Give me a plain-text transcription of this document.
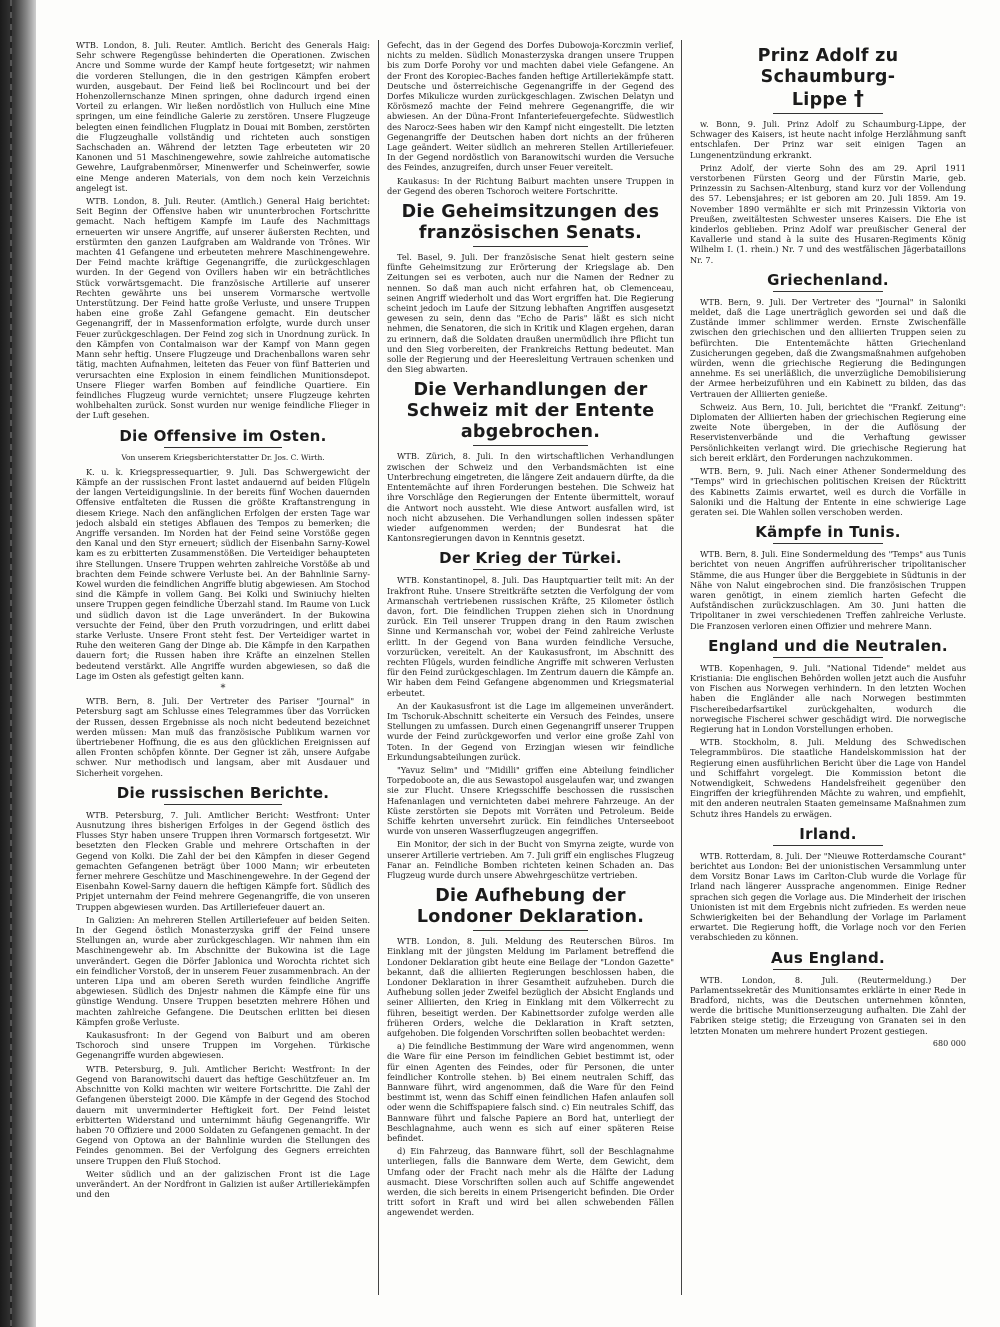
WTB. London, 8. Juli. Reuter. Amtlich. Bericht des Generals Haig: Sehr schwere Regengüsse behinderten die Operationen. Zwischen Ancre und Somme wurde der Kampf heute fortgesetzt; wir nahmen die vorderen Stellungen, die in den gestrigen Kämpfen erobert wurden, ausgebaut. Der Feind ließ bei Roclincourt und bei der Hohenzollernschanze Minen springen, ohne dadurch irgend einen Vorteil zu erlangen. Wir ließen nordöstlich von Hulluch eine Mine springen, um eine feindliche Galerie zu zerstören. Unsere Flugzeuge belegten einen feindlichen Flugplatz in Douai mit Bomben, zerstörten die Flugzeughalle vollständig und richteten auch sonstigen Sachschaden an. Während der letzten Tage erbeuteten wir 20 Kanonen und 51 Maschinengewehre, sowie zahlreiche automatische Gewehre, Laufgrabenmörser, Minenwerfer und Scheinwerfer, sowie eine Menge anderen Materials, von dem noch kein Verzeichnis angelegt ist.

WTB. London, 8. Juli. Reuter. (Amtlich.) General Haig berichtet: Seit Beginn der Offensive haben wir ununterbrochen Fortschritte gemacht. Nach heftigem Kampfe im Laufe des Nachmittags erneuerten wir unsere Angriffe, auf unserer äußersten Rechten, und erstürmten den ganzen Laufgraben am Waldrande von Trônes. Wir machten 41 Gefangene und erbeuteten mehrere Maschinengewehre. Der Feind machte kräftige Gegenangriffe, die zurückgeschlagen wurden. In der Gegend von Ovillers haben wir ein beträchtliches Stück vorwärtsgemacht. Die französische Artillerie auf unserer Rechten gewährte uns bei unserem Vormarsche wertvolle Unterstützung. Der Feind hatte große Verluste, und unsere Truppen haben eine große Zahl Gefangene gemacht. Ein deutscher Gegenangriff, der in Massenformation erfolgte, wurde durch unser Feuer zurückgeschlagen. Der Feind zog sich in Unordnung zurück. In den Kämpfen von Contalmaison war der Kampf von Mann gegen Mann sehr heftig. Unsere Flugzeuge und Drachenballons waren sehr tätig, machten Aufnahmen, leiteten das Feuer von fünf Batterien und verursachten eine Explosion in einem feindlichen Munitionsdepot. Unsere Flieger warfen Bomben auf feindliche Quartiere. Ein feindliches Flugzeug wurde vernichtet; unsere Flugzeuge kehrten wohlbehalten zurück. Sonst wurden nur wenige feindliche Flieger in der Luft gesehen.

Die Offensive im Osten.
Von unserem Kriegsberichterstatter Dr. Jos. C. Wirth.

K. u. k. Kriegspressequartier, 9. Juli. Das Schwergewicht der Kämpfe an der russischen Front lastet andauernd auf beiden Flügeln der langen Verteidigungslinie. In der bereits fünf Wochen dauernden Offensive entfalteten die Russen die größte Kraftanstrengung in diesem Kriege. Nach den anfänglichen Erfolgen der ersten Tage war jedoch alsbald ein stetiges Abflauen des Tempos zu bemerken; die Angriffe versanden. Im Norden hat der Feind seine Vorstöße gegen den Kanal und den Styr erneuert; südlich der Eisenbahn Sarny-Kowel kam es zu erbitterten Zusammenstößen. Die Verteidiger behaupteten ihre Stellungen. Unsere Truppen wehrten zahlreiche Vorstöße ab und brachten dem Feinde schwere Verluste bei. An der Bahnlinie Sarny-Kowel wurden die feindlichen Angriffe blutig abgewiesen. Am Stochod sind die Kämpfe in vollem Gang. Bei Kolki und Swiniuchy hielten unsere Truppen gegen feindliche Überzahl stand. Im Raume von Luck und südlich davon ist die Lage unverändert. In der Bukowina versuchte der Feind, über den Pruth vorzudringen, und erlitt dabei starke Verluste. Unsere Front steht fest. Der Verteidiger wartet in Ruhe den weiteren Gang der Dinge ab. Die Kämpfe in den Karpathen dauern fort; die Russen haben ihre Kräfte an einzelnen Stellen bedeutend verstärkt. Alle Angriffe wurden abgewiesen, so daß die Lage im Osten als gefestigt gelten kann.

*

WTB. Bern, 8. Juli. Der Vertreter des Pariser "Journal" in Petersburg sagt am Schlusse eines Telegrammes über das Vorrücken der Russen, dessen Ergebnisse als noch nicht bedeutend bezeichnet werden müssen: Man muß das französische Publikum warnen vor übertriebener Hoffnung, die es aus den glücklichen Ereignissen auf allen Fronten schöpfen könnte. Der Gegner ist zäh, unsere Aufgabe schwer. Nur methodisch und langsam, aber mit Ausdauer und Sicherheit vorgehen.

Die russischen Berichte.

WTB. Petersburg, 7. Juli. Amtlicher Bericht: Westfront: Unter Ausnutzung ihres bisherigen Erfolges in der Gegend östlich des Flusses Styr haben unsere Truppen ihren Vormarsch fortgesetzt. Wir besetzten den Flecken Grable und mehrere Ortschaften in der Gegend von Kolki. Die Zahl der bei den Kämpfen in dieser Gegend gemachten Gefangenen beträgt über 1000 Mann; wir erbeuteten ferner mehrere Geschütze und Maschinengewehre. In der Gegend der Eisenbahn Kowel-Sarny dauern die heftigen Kämpfe fort. Südlich des Pripjet unternahm der Feind mehrere Gegenangriffe, die von unseren Truppen abgewiesen wurden. Das Artilleriefeuer dauert an.

In Galizien: An mehreren Stellen Artilleriefeuer auf beiden Seiten. In der Gegend östlich Monasterzyska griff der Feind unsere Stellungen an, wurde aber zurückgeschlagen. Wir nahmen ihm ein Maschinengewehr ab. Im Abschnitte der Bukowina ist die Lage unverändert. Gegen die Dörfer Jablonica und Worochta richtet sich ein feindlicher Vorstoß, der in unserem Feuer zusammenbrach. An der unteren Lipa und am oberen Sereth wurden feindliche Angriffe abgewiesen. Südlich des Dnjestr nahmen die Kämpfe eine für uns günstige Wendung. Unsere Truppen besetzten mehrere Höhen und machten zahlreiche Gefangene. Die Deutschen erlitten bei diesen Kämpfen große Verluste.

Kaukasusfront: In der Gegend von Baiburt und am oberen Tschoroch sind unsere Truppen im Vorgehen. Türkische Gegenangriffe wurden abgewiesen.

WTB. Petersburg, 9. Juli. Amtlicher Bericht: Westfront: In der Gegend von Baranowitschi dauert das heftige Geschützfeuer an. Im Abschnitte von Kolki machten wir weitere Fortschritte. Die Zahl der Gefangenen übersteigt 2000. Die Kämpfe in der Gegend des Stochod dauern mit unverminderter Heftigkeit fort. Der Feind leistet erbitterten Widerstand und unternimmt häufig Gegenangriffe. Wir haben 70 Offiziere und 2000 Soldaten zu Gefangenen gemacht. In der Gegend von Optowa an der Bahnlinie wurden die Stellungen des Feindes genommen. Bei der Verfolgung des Gegners erreichten unsere Truppen den Fluß Stochod.

Weiter südlich und an der galizischen Front ist die Lage unverändert. An der Nordfront in Galizien ist außer Artilleriekämpfen und den

Gefecht, das in der Gegend des Dorfes Dubowoja-Korczmin verlief, nichts zu melden. Südlich Monasterzyska drangen unsere Truppen bis zum Dorfe Porohy vor und machten dabei viele Gefangene. An der Front des Koropiec-Baches fanden heftige Artilleriekämpfe statt. Deutsche und österreichische Gegenangriffe in der Gegend des Dorfes Mikulicze wurden zurückgeschlagen. Zwischen Delatyn und Körösmező machte der Feind mehrere Gegenangriffe, die wir abwiesen. An der Düna-Front Infanteriefeuergefechte. Südwestlich des Narocz-Sees haben wir den Kampf nicht eingestellt. Die letzten Gegenangriffe der Deutschen haben dort nichts an der früheren Lage geändert. Weiter südlich an mehreren Stellen Artilleriefeuer. In der Gegend nordöstlich von Baranowitschi wurden die Versuche des Feindes, anzugreifen, durch unser Feuer vereitelt.

Kaukasus: In der Richtung Baiburt machten unsere Truppen in der Gegend des oberen Tschoroch weitere Fortschritte.

Die Geheimsitzungen des französischen Senats.

Tel. Basel, 9. Juli. Der französische Senat hielt gestern seine fünfte Geheimsitzung zur Erörterung der Kriegslage ab. Den Zeitungen sei es verboten, auch nur die Namen der Redner zu nennen. So daß man auch nicht erfahren hat, ob Clemenceau, seinen Angriff wiederholt und das Wort ergriffen hat. Die Regierung scheint jedoch im Laufe der Sitzung lebhaften Angriffen ausgesetzt gewesen zu sein, denn das "Echo de Paris" läßt es sich nicht nehmen, die Senatoren, die sich in Kritik und Klagen ergehen, daran zu erinnern, daß die Soldaten draußen unermüdlich ihre Pflicht tun und den Sieg vorbereiten, der Frankreichs Rettung bedeutet. Man solle der Regierung und der Heeresleitung Vertrauen schenken und den Sieg abwarten.

Die Verhandlungen der Schweiz mit der Entente abgebrochen.

WTB. Zürich, 8. Juli. In den wirtschaftlichen Verhandlungen zwischen der Schweiz und den Verbandsmächten ist eine Unterbrechung eingetreten, die längere Zeit andauern dürfte, da die Ententemächte auf ihren Forderungen bestehen. Die Schweiz hat ihre Vorschläge den Regierungen der Entente übermittelt, worauf die Antwort noch aussteht. Wie diese Antwort ausfallen wird, ist noch nicht abzusehen. Die Verhandlungen sollen indessen später wieder aufgenommen werden; der Bundesrat hat die Kantonsregierungen davon in Kenntnis gesetzt.

Der Krieg der Türkei.

WTB. Konstantinopel, 8. Juli. Das Hauptquartier teilt mit: An der Irakfront Ruhe. Unsere Streitkräfte setzten die Verfolgung der vom Armanschah vertriebenen russischen Kräfte, 25 Kilometer östlich davon, fort. Die feindlichen Truppen ziehen sich in Unordnung zurück. Ein Teil unserer Truppen drang in den Raum zwischen Sinne und Kermanschah vor, wobei der Feind zahlreiche Verluste erlitt. In der Gegend von Bana wurden feindliche Versuche, vorzurücken, vereitelt. An der Kaukasusfront, im Abschnitt des rechten Flügels, wurden feindliche Angriffe mit schweren Verlusten für den Feind zurückgeschlagen. Im Zentrum dauern die Kämpfe an. Wir haben dem Feind Gefangene abgenommen und Kriegsmaterial erbeutet.

An der Kaukasusfront ist die Lage im allgemeinen unverändert. Im Tschoruk-Abschnitt scheiterte ein Versuch des Feindes, unsere Stellungen zu umfassen. Durch einen Gegenangriff unserer Truppen wurde der Feind zurückgeworfen und verlor eine große Zahl von Toten. In der Gegend von Erzingjan wiesen wir feindliche Erkundungsabteilungen zurück.

"Yavuz Selim" und "Midilli" griffen eine Abteilung feindlicher Torpedoboote an, die aus Sewastopol ausgelaufen war, und zwangen sie zur Flucht. Unsere Kriegsschiffe beschossen die russischen Hafenanlagen und vernichteten dabei mehrere Fahrzeuge. An der Küste zerstörten sie Depots mit Vorräten und Petroleum. Beide Schiffe kehrten unversehrt zurück. Ein feindliches Unterseeboot wurde von unseren Wasserflugzeugen angegriffen.

Ein Monitor, der sich in der Bucht von Smyrna zeigte, wurde von unserer Artillerie vertrieben. Am 7. Juli griff ein englisches Flugzeug Fanar an. Feindliche Bomben richteten keinen Schaden an. Das Flugzeug wurde durch unsere Abwehrgeschütze vertrieben.

Die Aufhebung der Londoner Deklaration.

WTB. London, 8. Juli. Meldung des Reuterschen Büros. Im Einklang mit der jüngsten Meldung im Parlament betreffend die Londoner Deklaration gibt heute eine Beilage der "London Gazette" bekannt, daß die alliierten Regierungen beschlossen haben, die Londoner Deklaration in ihrer Gesamtheit aufzuheben. Durch die Aufhebung sollen jeder Zweifel bezüglich der Absicht Englands und seiner Alliierten, den Krieg in Einklang mit dem Völkerrecht zu führen, beseitigt werden. Der Kabinettsorder zufolge werden alle früheren Orders, welche die Deklaration in Kraft setzten, aufgehoben. Die folgenden Vorschriften sollen beobachtet werden:

a) Die feindliche Bestimmung der Ware wird angenommen, wenn die Ware für eine Person im feindlichen Gebiet bestimmt ist, oder für einen Agenten des Feindes, oder für Personen, die unter feindlicher Kontrolle stehen. b) Bei einem neutralen Schiff, das Bannware führt, wird angenommen, daß die Ware für den Feind bestimmt ist, wenn das Schiff einen feindlichen Hafen anlaufen soll oder wenn die Schiffspapiere falsch sind. c) Ein neutrales Schiff, das Bannware führt und falsche Papiere an Bord hat, unterliegt der Beschlagnahme, auch wenn es sich auf einer späteren Reise befindet.

d) Ein Fahrzeug, das Bannware führt, soll der Beschlagnahme unterliegen, falls die Bannware dem Werte, dem Gewicht, dem Umfang oder der Fracht nach mehr als die Hälfte der Ladung ausmacht. Diese Vorschriften sollen auch auf Schiffe angewendet werden, die sich bereits in einem Prisengericht befinden. Die Order tritt sofort in Kraft und wird bei allen schwebenden Fällen angewendet werden.

Prinz Adolf zu Schaumburg-
Lippe †

w. Bonn, 9. Juli. Prinz Adolf zu Schaumburg-Lippe, der Schwager des Kaisers, ist heute nacht infolge Herzlähmung sanft entschlafen. Der Prinz war seit einigen Tagen an Lungenentzündung erkrankt.

Prinz Adolf, der vierte Sohn des am 29. April 1911 verstorbenen Fürsten Georg und der Fürstin Marie, geb. Prinzessin zu Sachsen-Altenburg, stand kurz vor der Vollendung des 57. Lebensjahres; er ist geboren am 20. Juli 1859. Am 19. November 1890 vermählte er sich mit Prinzessin Viktoria von Preußen, zweitältesten Schwester unseres Kaisers. Die Ehe ist kinderlos geblieben. Prinz Adolf war preußischer General der Kavallerie und stand à la suite des Husaren-Regiments König Wilhelm I. (1. rhein.) Nr. 7 und des westfälischen Jägerbataillons Nr. 7.

Griechenland.

WTB. Bern, 9. Juli. Der Vertreter des "Journal" in Saloniki meldet, daß die Lage unerträglich geworden sei und daß die Zustände immer schlimmer werden. Ernste Zwischenfälle zwischen den griechischen und den alliierten Truppen seien zu befürchten. Die Ententemächte hätten Griechenland Zusicherungen gegeben, daß die Zwangsmaßnahmen aufgehoben würden, wenn die griechische Regierung die Bedingungen annehme. Es sei unerläßlich, die unverzügliche Demobilisierung der Armee herbeizuführen und ein Kabinett zu bilden, das das Vertrauen der Alliierten genieße.

Schweiz. Aus Bern, 10. Juli, berichtet die "Frankf. Zeitung": Diplomaten der Alliierten haben der griechischen Regierung eine zweite Note übergeben, in der die Auflösung der Reservistenverbände und die Verhaftung gewisser Persönlichkeiten verlangt wird. Die griechische Regierung hat sich bereit erklärt, den Forderungen nachzukommen.

WTB. Bern, 9. Juli. Nach einer Athener Sondermeldung des "Temps" wird in griechischen politischen Kreisen der Rücktritt des Kabinetts Zaimis erwartet, weil es durch die Vorfälle in Saloniki und die Haltung der Entente in eine schwierige Lage geraten sei. Die Wahlen sollen verschoben werden.

Kämpfe in Tunis.

WTB. Bern, 8. Juli. Eine Sondermeldung des "Temps" aus Tunis berichtet von neuen Angriffen aufrührerischer tripolitanischer Stämme, die aus Hunger über die Berggebiete in Südtunis in der Nähe von Nalut eingebrochen sind. Die französischen Truppen waren genötigt, in einem ziemlich harten Gefecht die Aufständischen zurückzuschlagen. Am 30. Juni hatten die Tripolitaner in zwei verschiedenen Treffen zahlreiche Verluste. Die Franzosen verloren einen Offizier und mehrere Mann.

England und die Neutralen.

WTB. Kopenhagen, 9. Juli. "National Tidende" meldet aus Kristiania: Die englischen Behörden wollen jetzt auch die Ausfuhr von Fischen aus Norwegen verhindern. In den letzten Wochen haben die Engländer alle nach Norwegen bestimmten Fischereibedarfsartikel zurückgehalten, wodurch die norwegische Fischerei schwer geschädigt wird. Die norwegische Regierung hat in London Vorstellungen erhoben.

WTB. Stockholm, 8. Juli. Meldung des Schwedischen Telegrammbüros. Die staatliche Handelskommission hat der Regierung einen ausführlichen Bericht über die Lage von Handel und Schiffahrt vorgelegt. Die Kommission betont die Notwendigkeit, Schwedens Handelsfreiheit gegenüber den Eingriffen der kriegführenden Mächte zu wahren, und empfiehlt, mit den anderen neutralen Staaten gemeinsame Maßnahmen zum Schutz ihres Handels zu erwägen.

Irland.

WTB. Rotterdam, 8. Juli. Der "Nieuwe Rotterdamsche Courant" berichtet aus London: Bei der unionistischen Versammlung unter dem Vorsitz Bonar Laws im Carlton-Club wurde die Vorlage für Irland nach längerer Aussprache angenommen. Einige Redner sprachen sich gegen die Vorlage aus. Die Minderheit der irischen Unionisten ist mit dem Ergebnis nicht zufrieden. Es werden neue Schwierigkeiten bei der Behandlung der Vorlage im Parlament erwartet. Die Regierung hofft, die Vorlage noch vor den Ferien verabschieden zu können.

Aus England.

WTB. London, 8. Juli. (Reutermeldung.) Der Parlamentssekretär des Munitionsamtes erklärte in einer Rede in Bradford, nichts, was die Deutschen unternehmen könnten, werde die britische Munitionserzeugung aufhalten. Die Zahl der Fabriken steige stetig; die Erzeugung von Granaten sei in den letzten Monaten um mehrere hundert Prozent gestiegen.

680 000
